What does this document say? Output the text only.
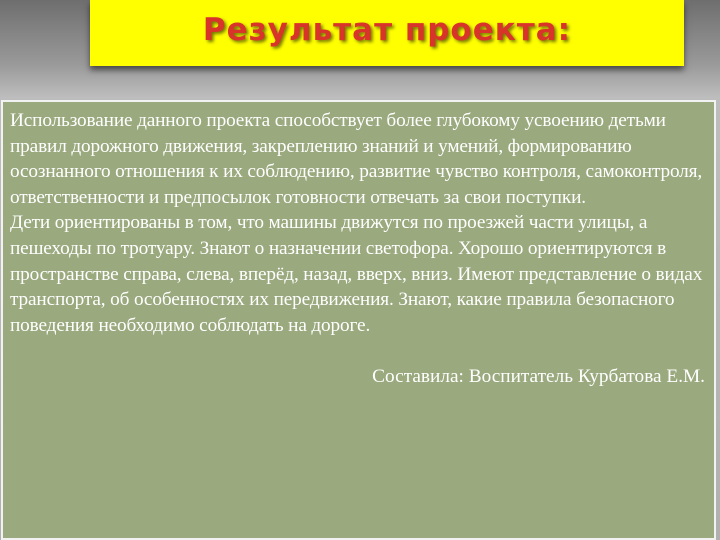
Результат проекта:

Использование данного проекта способствует более глубокому усвоению детьми правил дорожного движения, закреплению знаний и умений, формированию осознанного отношения к их соблюдению, развитие чувство контроля, самоконтроля, ответственности и предпосылок готовности отвечать за свои поступки.

Дети ориентированы в том, что машины движутся по проезжей части улицы, а пешеходы по тротуару. Знают о назначении светофора. Хорошо ориентируются в пространстве справа, слева, вперёд, назад, вверх, вниз. Имеют представление о видах транспорта, об особенностях их передвижения. Знают, какие правила безопасного поведения необходимо соблюдать на дороге.

Составила: Воспитатель Курбатова Е.М.
